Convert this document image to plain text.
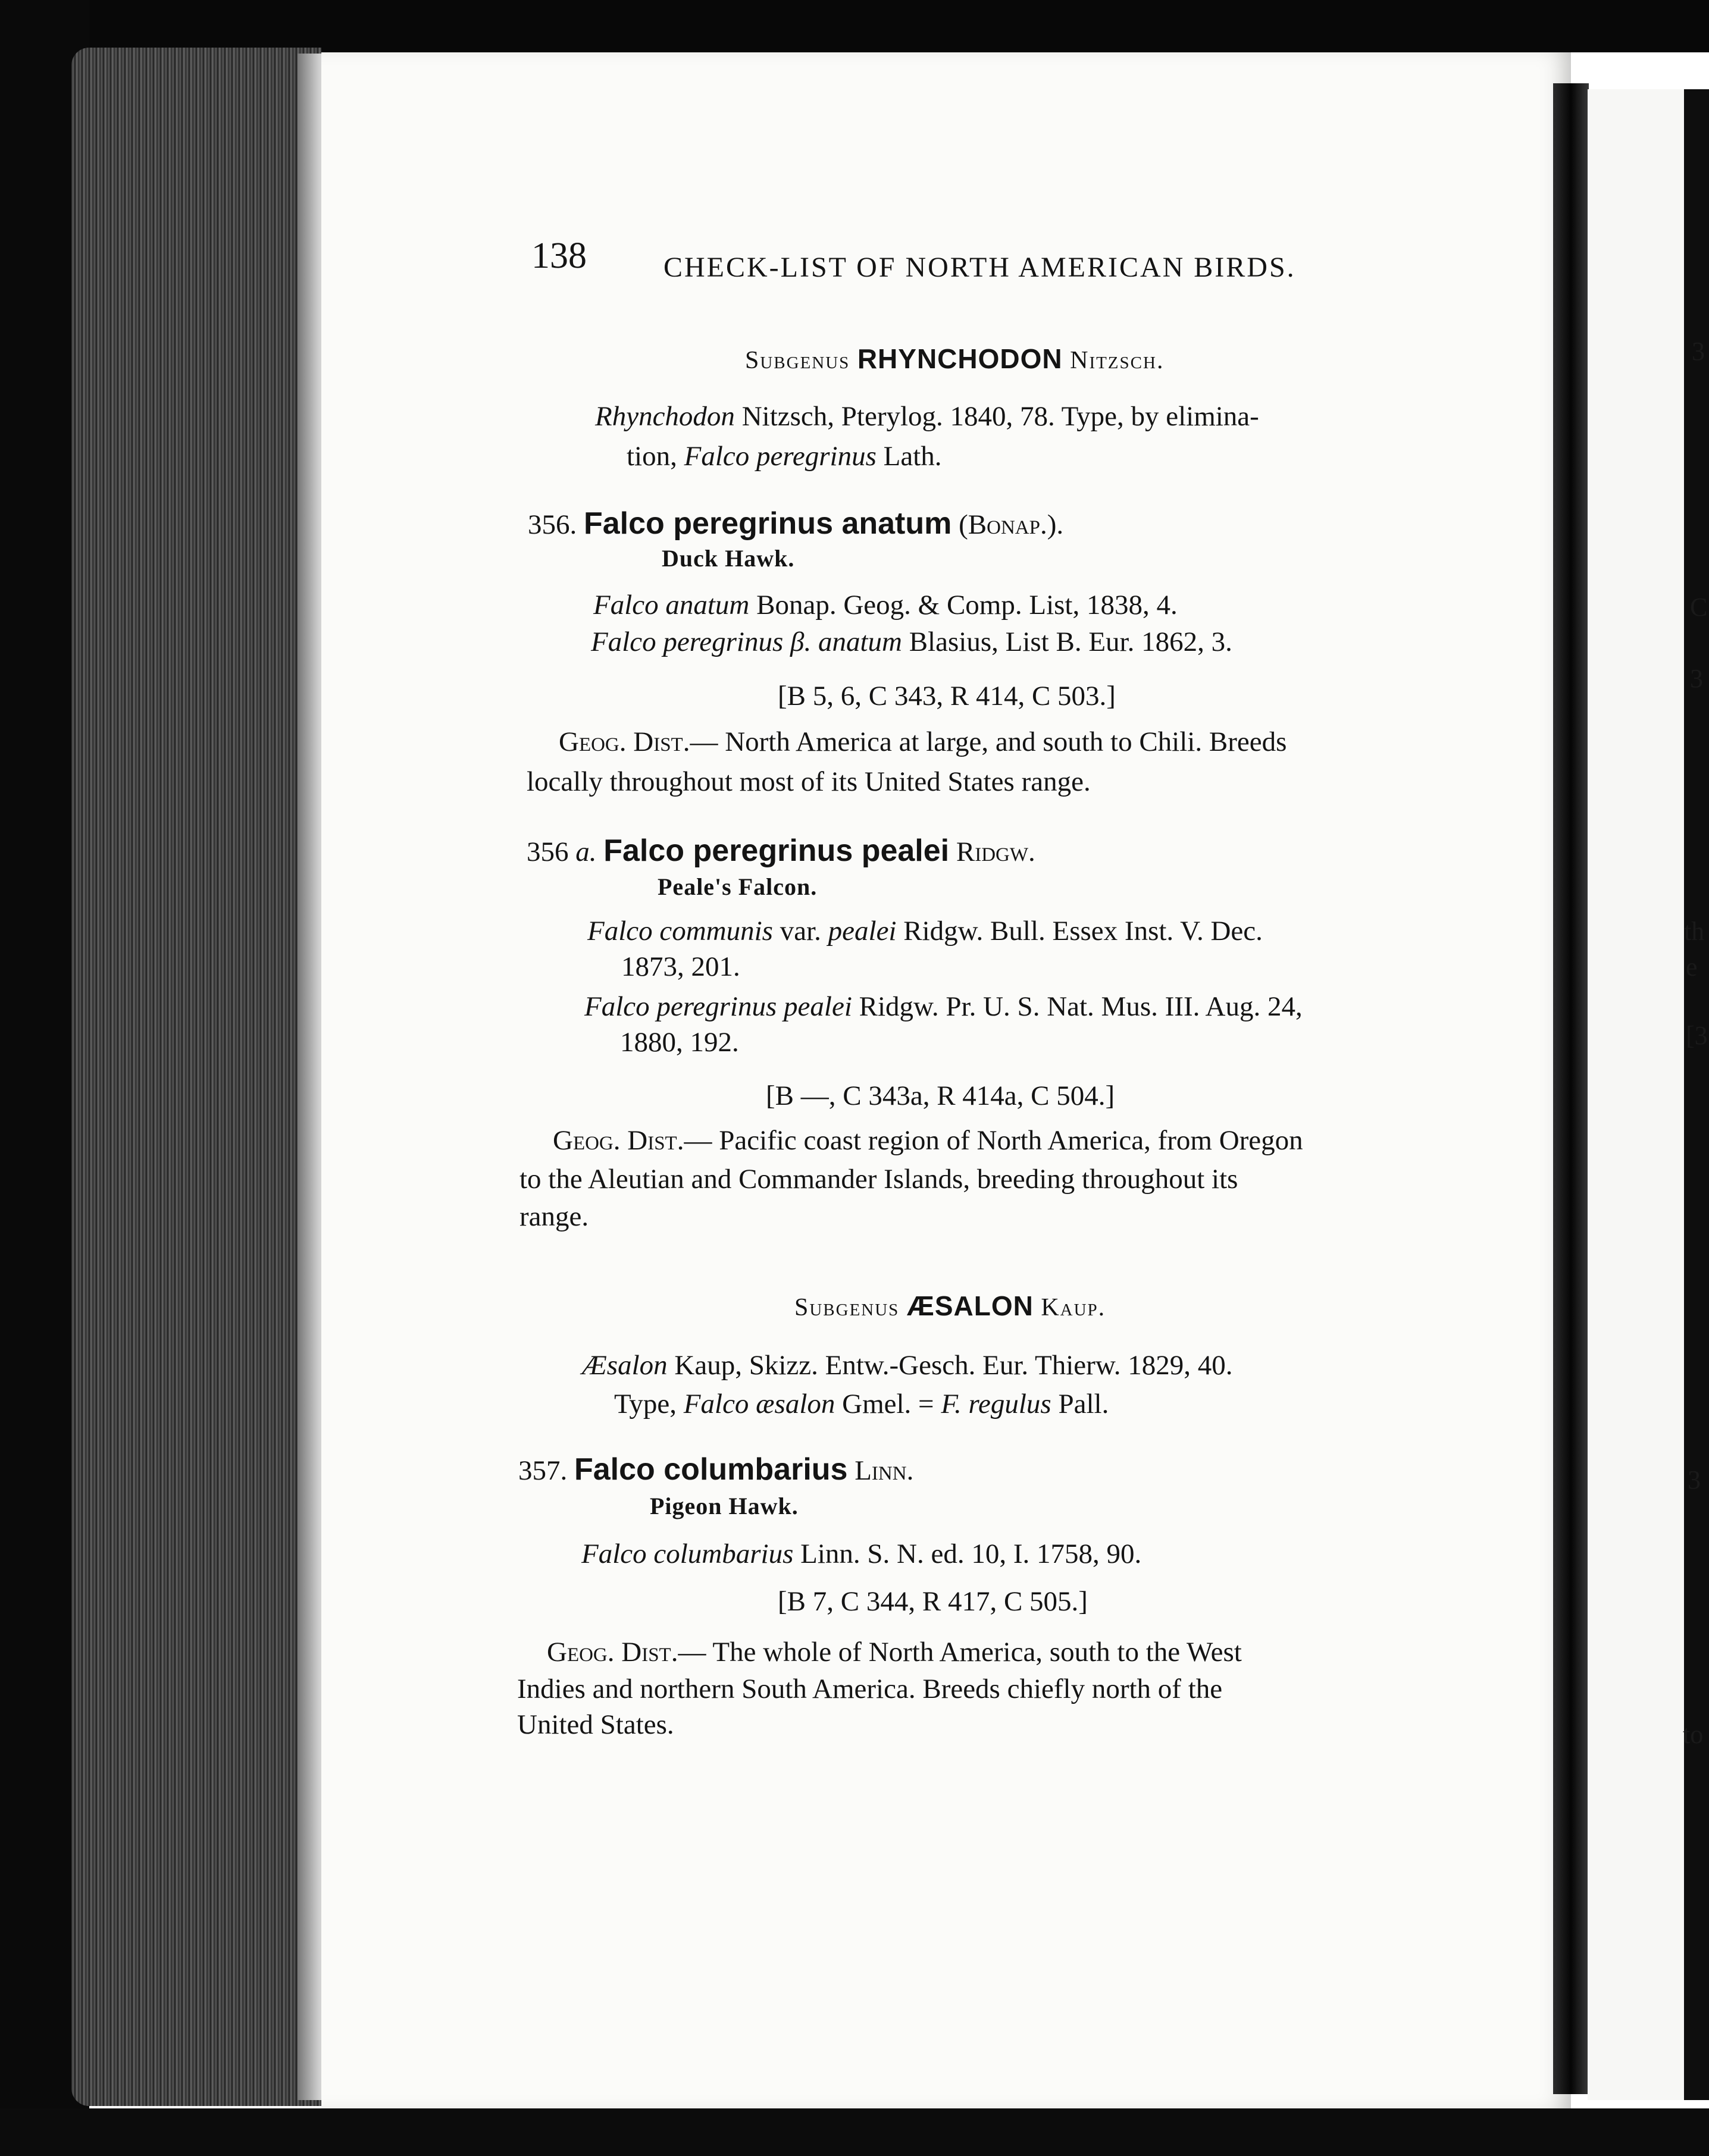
138	CHECK-LIST OF NORTH AMERICAN BIRDS.
Subgenus RHYNCHODON Nitzsch.
Rhynchodon Nitzsch, Pterylog. 1840, 78. Type, by elimina-
tion, Falco peregrinus Lath.
356. Falco peregrinus anatum (Bonap.).
Duck Hawk.
Falco anatum Bonap. Geog. & Comp. List, 1838, 4.
Falco peregrinus β. anatum Blasius, List B. Eur. 1862, 3.
[B 5, 6, C 343, R 414, C 503.]
Geog. Dist.— North America at large, and south to Chili. Breeds
locally throughout most of its United States range.
356 a. Falco peregrinus pealei Ridgw.
Peale's Falcon.
Falco communis var. pealei Ridgw. Bull. Essex Inst. V. Dec.
1873, 201.
Falco peregrinus pealei Ridgw. Pr. U. S. Nat. Mus. III. Aug. 24,
1880, 192.
[B —, C 343a, R 414a, C 504.]
Geog. Dist.— Pacific coast region of North America, from Oregon
to the Aleutian and Commander Islands, breeding throughout its
range.
Subgenus ÆSALON Kaup.
Æsalon Kaup, Skizz. Entw.-Gesch. Eur. Thierw. 1829, 40.
Type, Falco æsalon Gmel. = F. regulus Pall.
357. Falco columbarius Linn.
Pigeon Hawk.
Falco columbarius Linn. S. N. ed. 10, I. 1758, 90.
[B 7, C 344, R 417, C 505.]
Geog. Dist.— The whole of North America, south to the West
Indies and northern South America. Breeds chiefly north of the
United States.
3
C
3
th
e
[3
3
to
